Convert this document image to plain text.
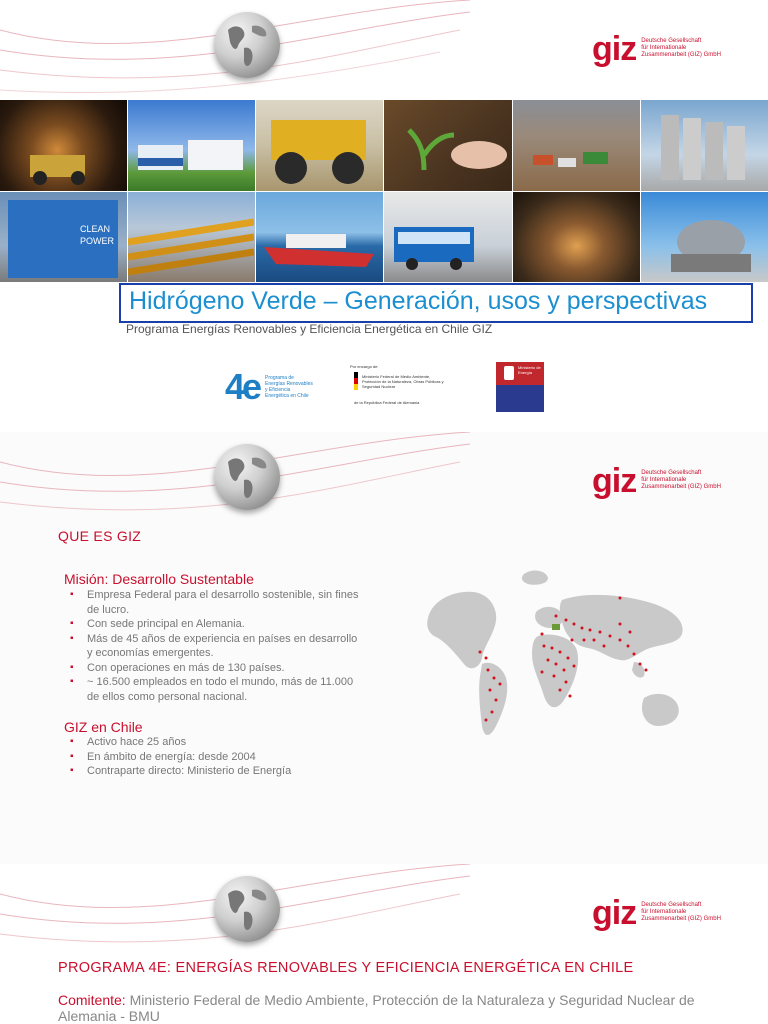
giz Deutsche Gesellschaft
für Internationale
Zusammenarbeit (GIZ) GmbH
CLEAN
POWER
Hidrógeno Verde – Generación, usos y perspectivas
Programa Energías Renovables y Eficiencia Energética en Chile GIZ
4e Programa de Energías Renovables y Eficiencia Energética en Chile
Por encargo de:
Ministerio Federal de Medio Ambiente, Protección de la Naturaleza, Obras Públicas y Seguridad Nuclear
de la República Federal de Alemania
Ministerio de Energía
giz Deutsche Gesellschaft
für Internationale
Zusammenarbeit (GIZ) GmbH
QUE ES GIZ
Misión: Desarrollo Sustentable
▪ Empresa Federal para el desarrollo sostenible, sin fines de lucro.
▪ Con sede principal en Alemania.
▪ Más de 45 años de experiencia en países en desarrollo y economías emergentes.
▪ Con operaciones en más de 130 países.
▪ ~ 16.500 empleados en todo el mundo, más de 11.000 de ellos como personal nacional.
GIZ en Chile
▪ Activo hace 25 años
▪ En ámbito de energía: desde 2004
▪ Contraparte directo: Ministerio de Energía
giz Deutsche Gesellschaft
für Internationale
Zusammenarbeit (GIZ) GmbH
PROGRAMA 4E: ENERGÍAS RENOVABLES Y EFICIENCIA ENERGÉTICA EN CHILE
Comitente: Ministerio Federal de Medio Ambiente, Protección de la Naturaleza y Seguridad Nuclear de Alemania - BMU
